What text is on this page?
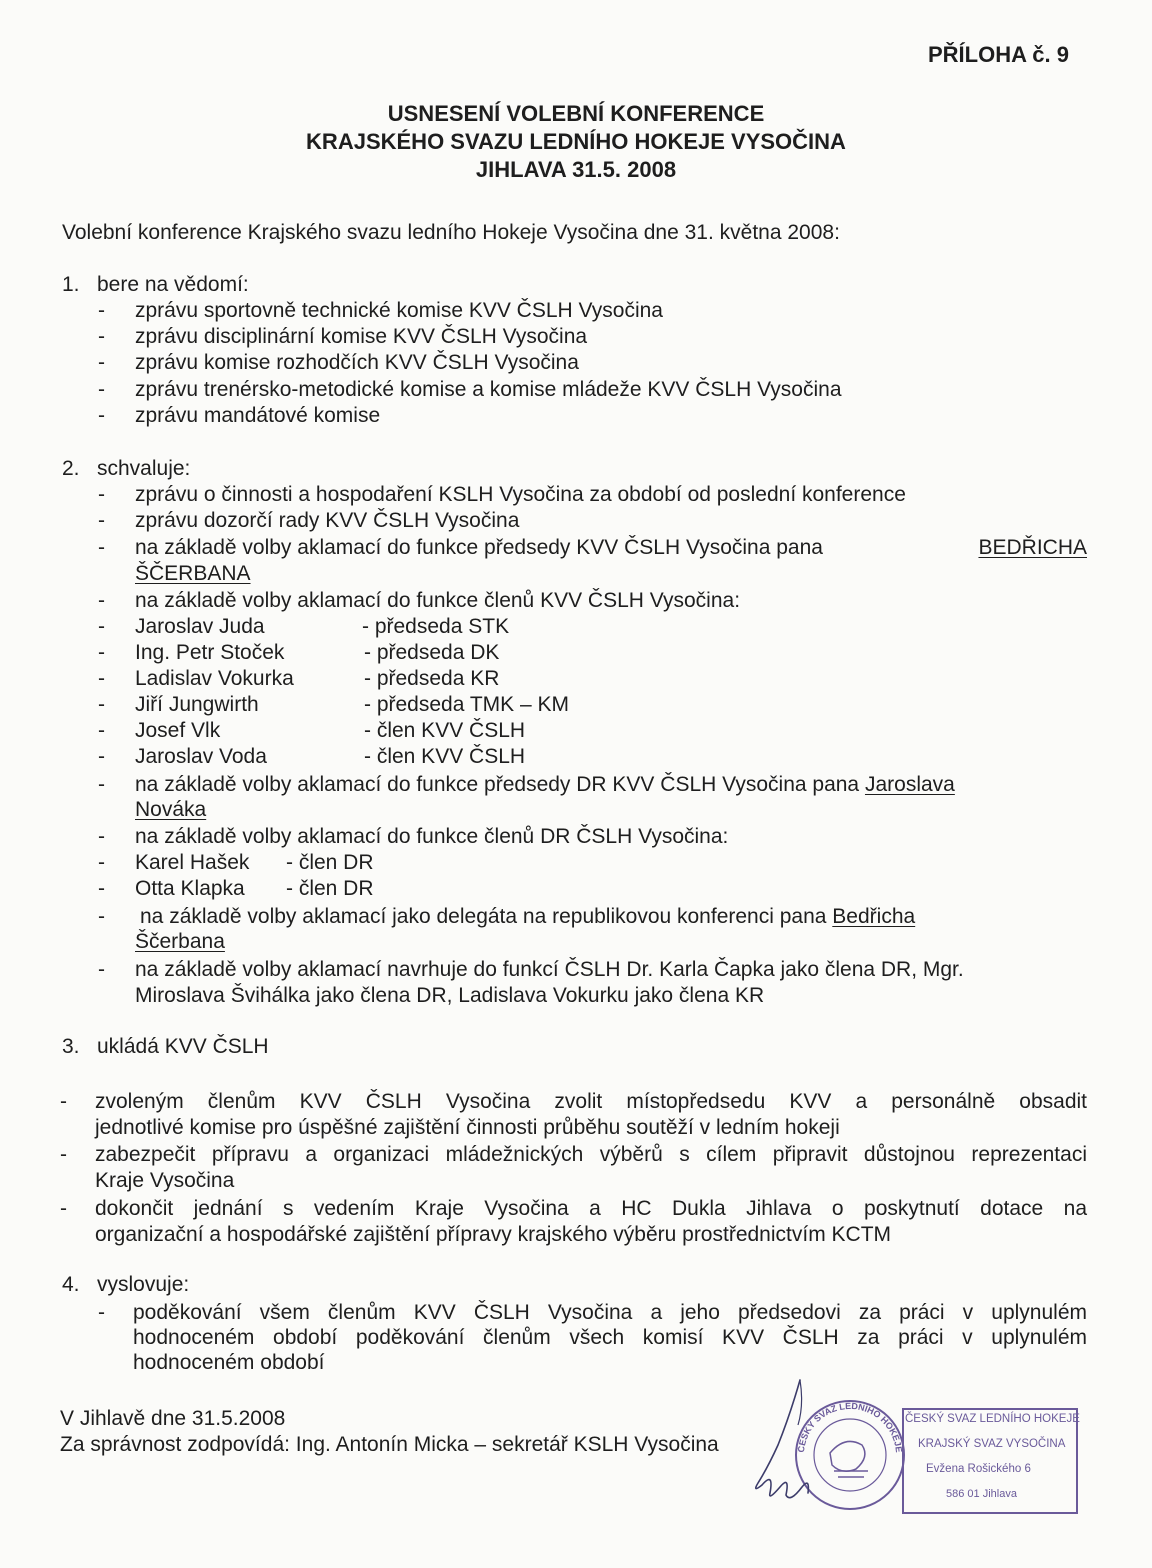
PŘÍLOHA č. 9
USNESENÍ VOLEBNÍ KONFERENCE
KRAJSKÉHO SVAZU LEDNÍHO HOKEJE VYSOČINA
JIHLAVA 31.5. 2008
Volební konference Krajského svazu ledního Hokeje Vysočina dne 31. května 2008:
1. bere na vědomí:
- zprávu sportovně technické komise KVV ČSLH Vysočina
- zprávu disciplinární komise KVV ČSLH Vysočina
- zprávu komise rozhodčích KVV ČSLH Vysočina
- zprávu trenérsko-metodické komise a komise mládeže KVV ČSLH Vysočina
- zprávu mandátové komise
2. schvaluje:
- zprávu o činnosti a hospodaření KSLH Vysočina za období od poslední konference
- zprávu dozorčí rady KVV ČSLH Vysočina
- na základě volby aklamací do funkce předsedy KVV ČSLH Vysočina pana	BEDŘICHA
ŠČERBANA
- na základě volby aklamací do funkce členů KVV ČSLH Vysočina:
- Jaroslav Juda	- předseda STK
- Ing. Petr Stoček	- předseda DK
- Ladislav Vokurka	- předseda KR
- Jiří Jungwirth	- předseda TMK – KM
- Josef Vlk	- člen KVV ČSLH
- Jaroslav Voda	- člen KVV ČSLH
- na základě volby aklamací do funkce předsedy DR KVV ČSLH Vysočina pana Jaroslava
Nováka
- na základě volby aklamací do funkce členů DR ČSLH Vysočina:
- Karel Hašek - člen DR
- Otta Klapka - člen DR
- na základě volby aklamací jako delegáta na republikovou konferenci pana Bedřicha
Ščerbana
- na základě volby aklamací navrhuje do funkcí ČSLH Dr. Karla Čapka jako člena DR, Mgr.
Miroslava Švihálka jako člena DR, Ladislava Vokurku jako člena KR
3. ukládá KVV ČSLH
- zvoleným členům KVV ČSLH Vysočina zvolit místopředsedu KVV a personálně obsadit
jednotlivé komise pro úspěšné zajištění činnosti průběhu soutěží v ledním hokeji
- zabezpečit přípravu a organizaci mládežnických výběrů s cílem připravit důstojnou reprezentaci
Kraje Vysočina
- dokončit jednání s vedením Kraje Vysočina a HC Dukla Jihlava o poskytnutí dotace na
organizační a hospodářské zajištění přípravy krajského výběru prostřednictvím KCTM
4. vyslovuje:
- poděkování všem členům KVV ČSLH Vysočina a jeho předsedovi za práci v uplynulém
hodnoceném období poděkování členům všech komisí KVV ČSLH za práci v uplynulém
hodnoceném období
V Jihlavě dne 31.5.2008
Za správnost zodpovídá: Ing. Antonín Micka – sekretář KSLH Vysočina	ČESKÝ SVAZ LEDNÍHO HOKEJE
ČESKÝ SVAZ LEDNÍHO HOKEJE
KRAJSKÝ SVAZ VYSOČINA
Evžena Rošického 6
586 01 Jihlava
